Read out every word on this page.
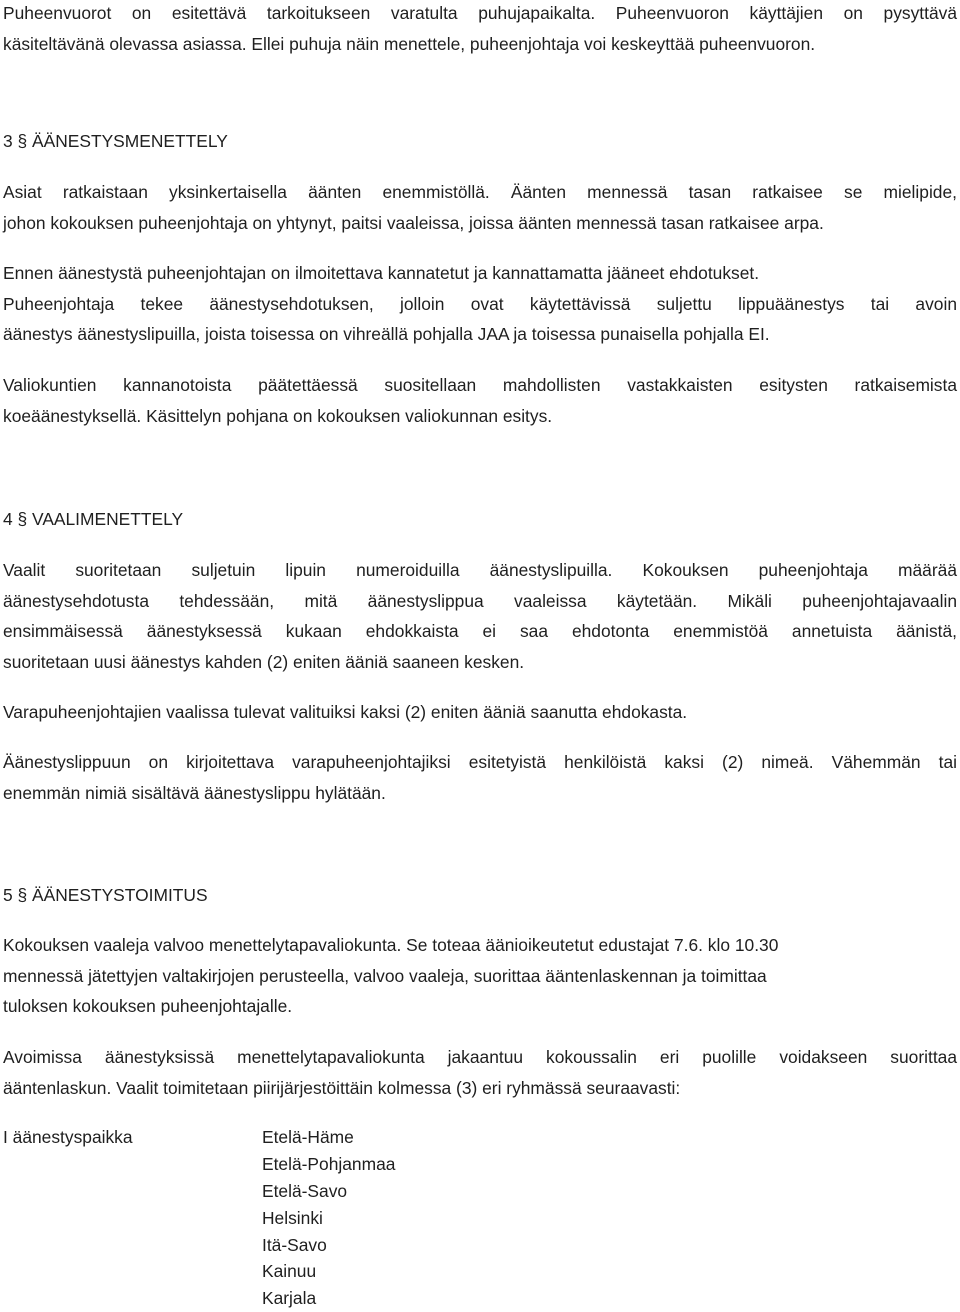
Puheenvuorot on esitettävä tarkoitukseen varatulta puhujapaikalta. Puheenvuoron käyttäjien on pysyttävä
käsiteltävänä olevassa asiassa. Ellei puhuja näin menettele, puheenjohtaja voi keskeyttää puheenvuoron.
3 § ÄÄNESTYSMENETTELY
Asiat ratkaistaan yksinkertaisella äänten enemmistöllä. Äänten mennessä tasan ratkaisee se mielipide,
johon kokouksen puheenjohtaja on yhtynyt, paitsi vaaleissa, joissa äänten mennessä tasan ratkaisee arpa.
Ennen äänestystä puheenjohtajan on ilmoitettava kannatetut ja kannattamatta jääneet ehdotukset.
Puheenjohtaja tekee äänestysehdotuksen, jolloin ovat käytettävissä suljettu lippuäänestys tai avoin
äänestys äänestyslipuilla, joista toisessa on vihreällä pohjalla JAA ja toisessa punaisella pohjalla EI.
Valiokuntien kannanotoista päätettäessä suositellaan mahdollisten vastakkaisten esitysten ratkaisemista
koeäänestyksellä. Käsittelyn pohjana on kokouksen valiokunnan esitys.
4 § VAALIMENETTELY
Vaalit suoritetaan suljetuin lipuin numeroiduilla äänestyslipuilla. Kokouksen puheenjohtaja määrää
äänestysehdotusta tehdessään, mitä äänestyslippua vaaleissa käytetään. Mikäli puheenjohtajavaalin
ensimmäisessä äänestyksessä kukaan ehdokkaista ei saa ehdotonta enemmistöä annetuista äänistä,
suoritetaan uusi äänestys kahden (2) eniten ääniä saaneen kesken.
Varapuheenjohtajien vaalissa tulevat valituiksi kaksi (2) eniten ääniä saanutta ehdokasta.
Äänestyslippuun on kirjoitettava varapuheenjohtajiksi esitetyistä henkilöistä kaksi (2) nimeä. Vähemmän tai
enemmän nimiä sisältävä äänestyslippu hylätään.
5 § ÄÄNESTYSTOIMITUS
Kokouksen vaaleja valvoo menettelytapavaliokunta. Se toteaa äänioikeutetut edustajat 7.6. klo 10.30
mennessä jätettyjen valtakirjojen perusteella, valvoo vaaleja, suorittaa ääntenlaskennan ja toimittaa
tuloksen kokouksen puheenjohtajalle.
Avoimissa äänestyksissä menettelytapavaliokunta jakaantuu kokoussalin eri puolille voidakseen suorittaa
ääntenlaskun. Vaalit toimitetaan piirijärjestöittäin kolmessa (3) eri ryhmässä seuraavasti:
I äänestyspaikka	Etelä-Häme
Etelä-Pohjanmaa
Etelä-Savo
Helsinki
Itä-Savo
Kainuu
Karjala
